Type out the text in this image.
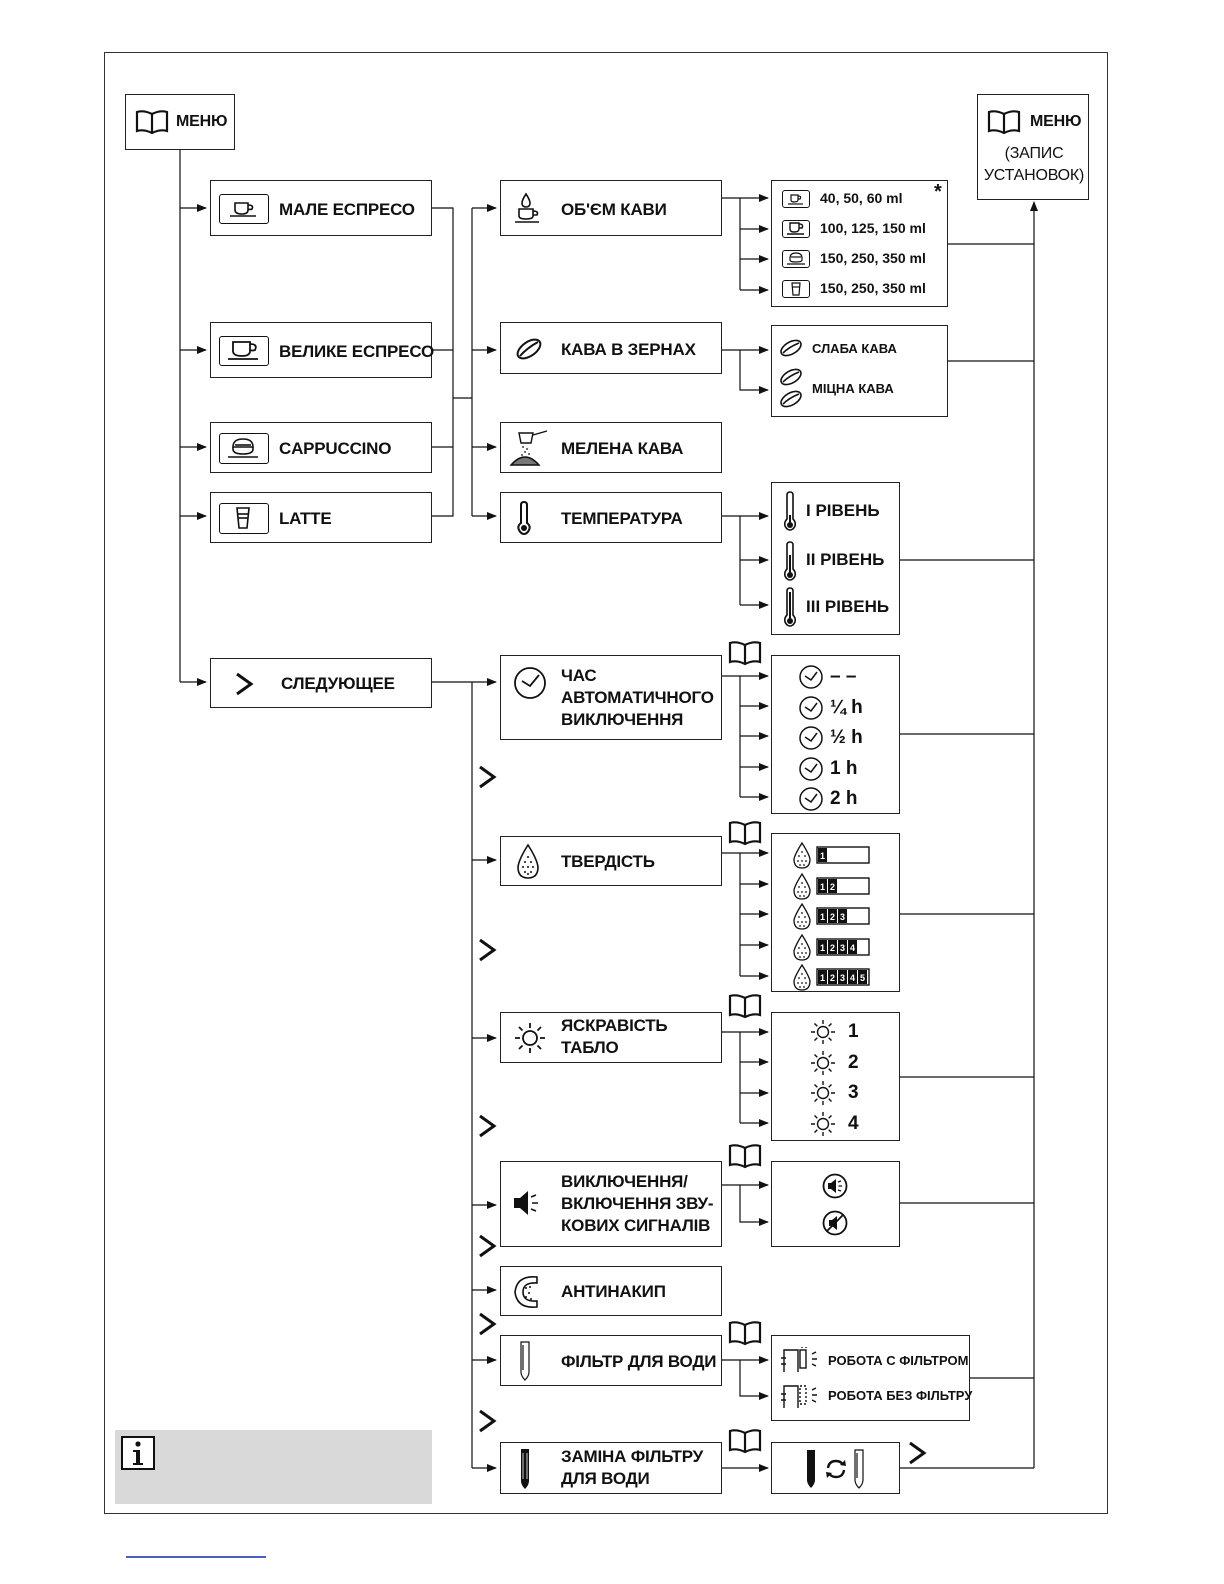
МЕНЮ	МЕНЮ
(ЗАПИС
УСТАНОВОК)
МАЛЕ ЕСПРЕСО
ВЕЛИКЕ ЕСПРЕСО
CAPPUCCINO
LATTE
СЛЕДУЮЩЕЕ
ОБ'ЄМ КАВИ
КАВА В ЗЕРНАХ
МЕЛЕНА КАВА
ТЕМПЕРАТУРА
*
40, 50, 60 ml
100, 125, 150 ml
150, 250, 350 ml
150, 250, 350 ml
СЛАБА КАВА
МІЦНА КАВА
I РІВЕНЬ
II РІВЕНЬ
III РІВЕНЬ
ЧАС
АВТОМАТИЧНОГО
ВИКЛЮЧЕННЯ
– –
¼ h
½ h
1 h
2 h
ТВЕРДІСТЬ	1
1 2
1 2 3
1 2 3 4
1 2 3 4 5
ЯСКРАВІСТЬ
ТАБЛО
1
2
3
4
ВИКЛЮЧЕННЯ/
ВКЛЮЧЕННЯ ЗВУ-
КОВИХ СИГНАЛІВ
АНТИНАКИП
ФІЛЬТР ДЛЯ ВОДИ	РОБОТА С ФІЛЬТРОМ
РОБОТА БЕЗ ФІЛЬТРУ
ЗАМІНА ФІЛЬТРУ
ДЛЯ ВОДИ
